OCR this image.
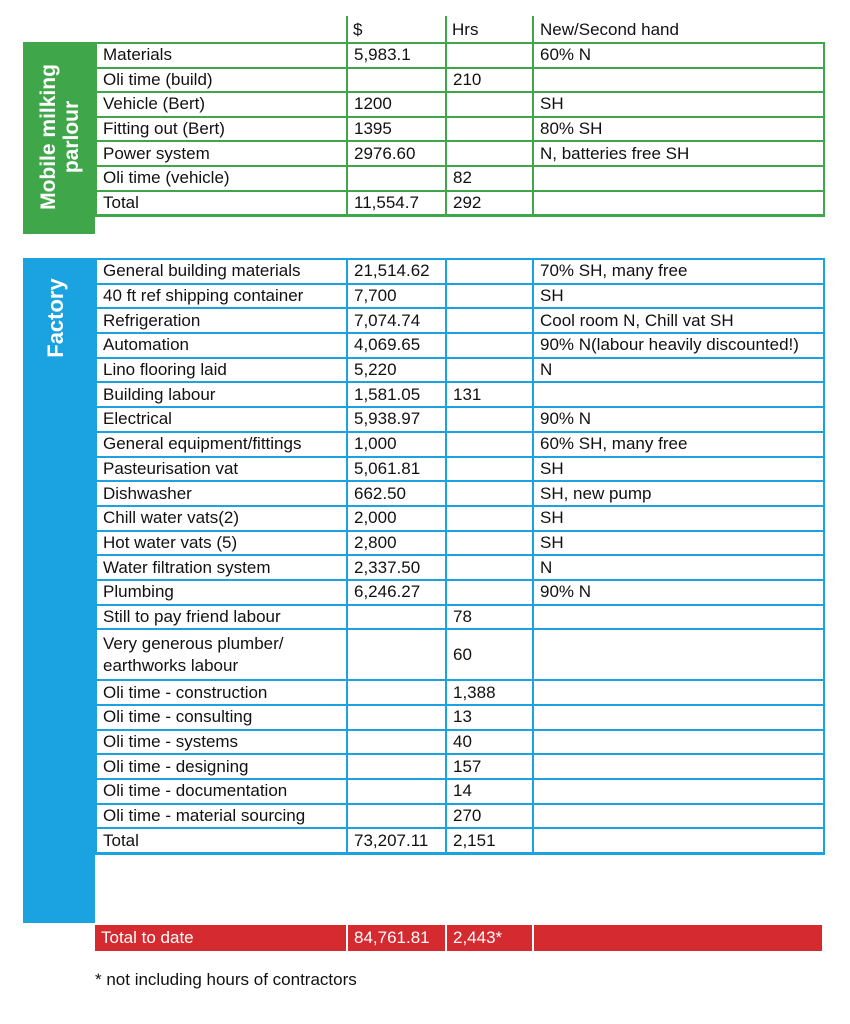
$	Hrs	New/Second hand
Mobile milking parlour
Materials	5,983.1		60% N
Oli time (build)		210	
Vehicle (Bert)	1200		SH
Fitting out (Bert)	1395		80% SH
Power system	2976.60		N, batteries free SH
Oli time (vehicle)		82	
Total	11,554.7	292	
Factory
General building materials	21,514.62		70% SH, many free
40 ft ref shipping container	7,700		SH
Refrigeration	7,074.74		Cool room N, Chill vat SH
Automation	4,069.65		90% N(labour heavily discounted!)
Lino flooring laid	5,220		N
Building labour	1,581.05	131	
Electrical	5,938.97		90% N
General equipment/fittings	1,000		60% SH, many free
Pasteurisation vat	5,061.81		SH
Dishwasher	662.50		SH, new pump
Chill water vats(2)	2,000		SH
Hot water vats (5)	2,800		SH
Water filtration system	2,337.50		N
Plumbing	6,246.27		90% N
Still to pay friend labour		78	
Very generous plumber/ earthworks labour		60	
Oli time - construction		1,388	
Oli time - consulting		13	
Oli time - systems		40	
Oli time - designing		157	
Oli time - documentation		14	
Oli time - material sourcing		270	
Total	73,207.11	2,151	
Total to date	84,761.81	2,443*
* not including hours of contractors
